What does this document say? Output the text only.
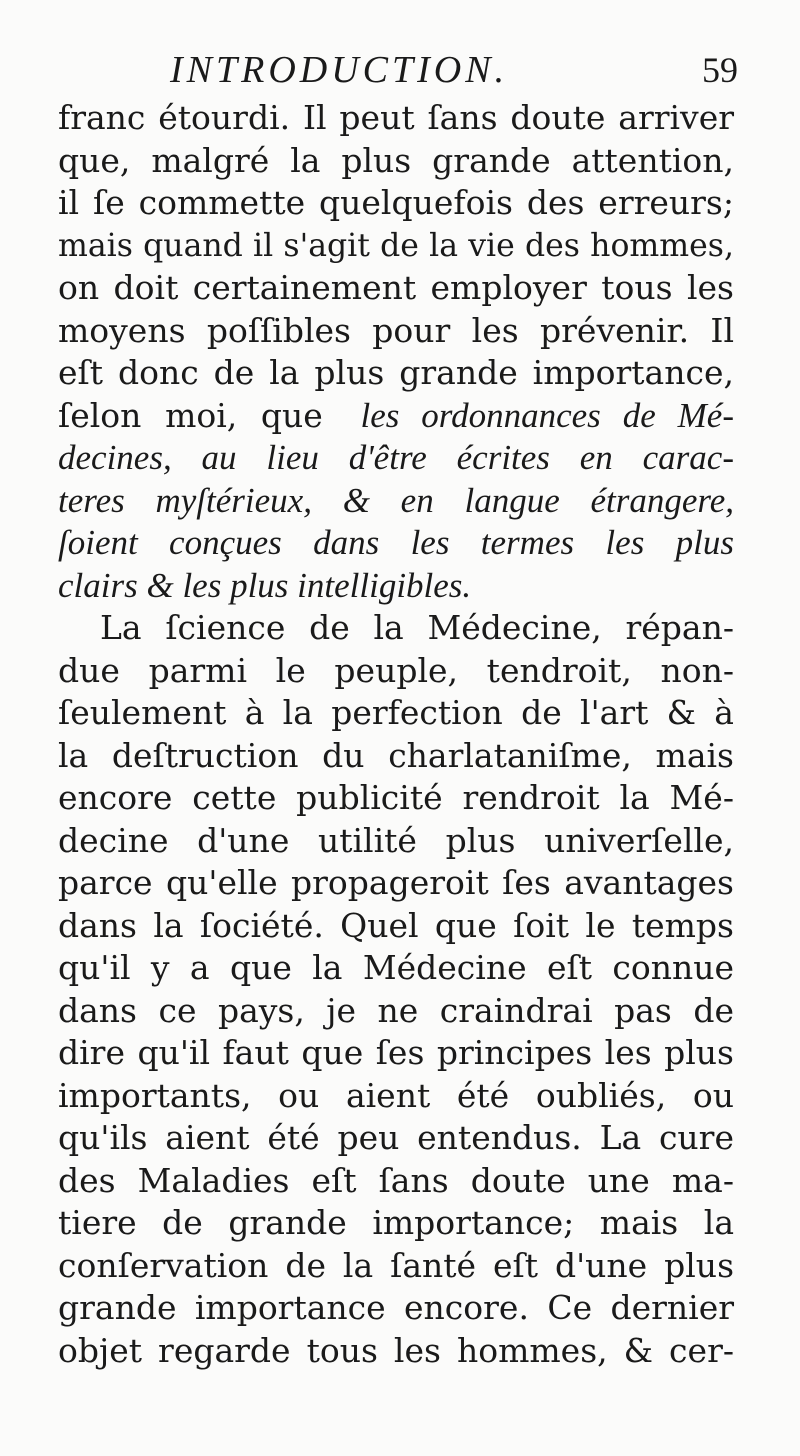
INTRODUCTION.	59
franc étourdi. Il peut ſans doute arriver
que, malgré la plus grande attention,
il ſe commette quelquefois des erreurs;
mais quand il s'agit de la vie des hommes,
on doit certainement employer tous les
moyens poſſibles pour les prévenir. Il
eſt donc de la plus grande importance,
ſelon moi, que les ordonnances de Mé-
decines, au lieu d'être écrites en carac-
teres myſtérieux, & en langue étrangere,
ſoient conçues dans les termes les plus
clairs & les plus intelligibles.
La ſcience de la Médecine, répan-
due parmi le peuple, tendroit, non-
ſeulement à la perfection de l'art & à
la deſtruction du charlataniſme, mais
encore cette publicité rendroit la Mé-
decine d'une utilité plus univerſelle,
parce qu'elle propageroit ſes avantages
dans la ſociété. Quel que ſoit le temps
qu'il y a que la Médecine eſt connue
dans ce pays, je ne craindrai pas de
dire qu'il faut que ſes principes les plus
importants, ou aient été oubliés, ou
qu'ils aient été peu entendus. La cure
des Maladies eſt ſans doute une ma-
tiere de grande importance; mais la
conſervation de la ſanté eſt d'une plus
grande importance encore. Ce dernier
objet regarde tous les hommes, & cer-
